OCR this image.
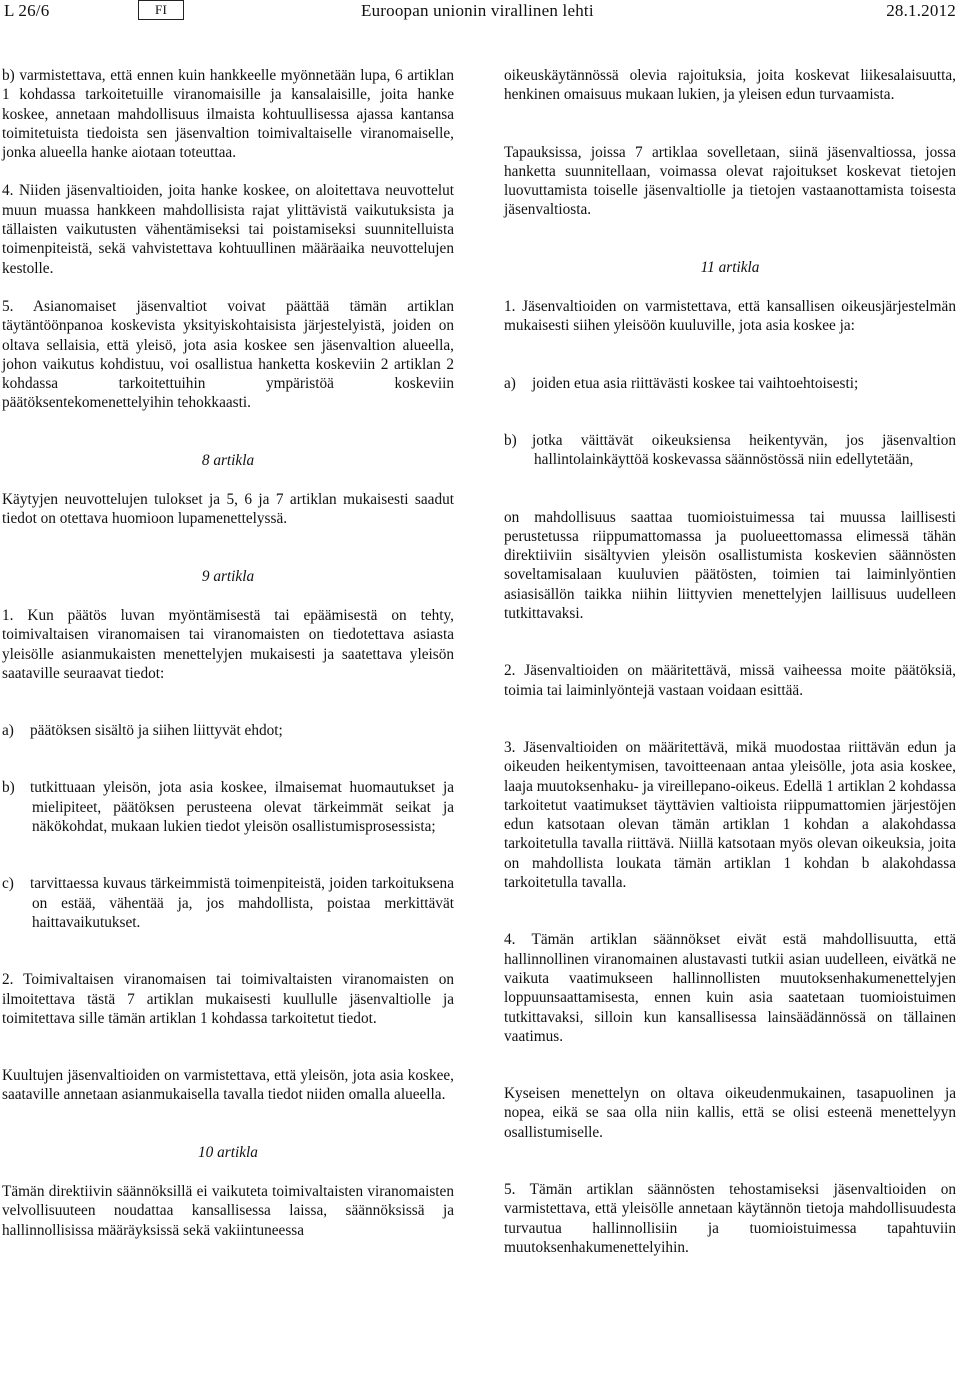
L 26/6	FI	Euroopan unionin virallinen lehti	28.1.2012

b) varmistettava, että ennen kuin hankkeelle myönnetään lupa, 6 artiklan 1 kohdassa tarkoitetuille viranomaisille ja kansalaisille, joita hanke koskee, annetaan mahdollisuus ilmaista kohtuullisessa ajassa kantansa toimitetuista tiedoista sen jäsenvaltion toimivaltaiselle viranomaiselle, jonka alueella hanke aiotaan toteuttaa.

4. Niiden jäsenvaltioiden, joita hanke koskee, on aloitettava neuvottelut muun muassa hankkeen mahdollisista rajat ylittävistä vaikutuksista ja tällaisten vaikutusten vähentämiseksi tai poistamiseksi suunnitelluista toimenpiteistä, sekä vahvistettava kohtuullinen määräaika neuvottelujen kestolle.

5. Asianomaiset jäsenvaltiot voivat päättää tämän artiklan täytäntöönpanoa koskevista yksityiskohtaisista järjestelyistä, joiden on oltava sellaisia, että yleisö, jota asia koskee sen jäsenvaltion alueella, johon vaikutus kohdistuu, voi osallistua hanketta koskeviin 2 artiklan 2 kohdassa tarkoitettuihin ympäristöä koskeviin päätöksentekomenettelyihin tehokkaasti.

8 artikla

Käytyjen neuvottelujen tulokset ja 5, 6 ja 7 artiklan mukaisesti saadut tiedot on otettava huomioon lupamenettelyssä.

9 artikla

1. Kun päätös luvan myöntämisestä tai epäämisestä on tehty, toimivaltaisen viranomaisen tai viranomaisten on tiedotettava asiasta yleisölle asianmukaisten menettelyjen mukaisesti ja saatettava yleisön saataville seuraavat tiedot:

a) päätöksen sisältö ja siihen liittyvät ehdot;

b) tutkittuaan yleisön, jota asia koskee, ilmaisemat huomautukset ja mielipiteet, päätöksen perusteena olevat tärkeimmät seikat ja näkökohdat, mukaan lukien tiedot yleisön osallistumisprosessista;

c) tarvittaessa kuvaus tärkeimmistä toimenpiteistä, joiden tarkoituksena on estää, vähentää ja, jos mahdollista, poistaa merkittävät haittavaikutukset.

2. Toimivaltaisen viranomaisen tai toimivaltaisten viranomaisten on ilmoitettava tästä 7 artiklan mukaisesti kuullulle jäsenvaltiolle ja toimitettava sille tämän artiklan 1 kohdassa tarkoitetut tiedot.

Kuultujen jäsenvaltioiden on varmistettava, että yleisön, jota asia koskee, saataville annetaan asianmukaisella tavalla tiedot niiden omalla alueella.

10 artikla

Tämän direktiivin säännöksillä ei vaikuteta toimivaltaisten viranomaisten velvollisuuteen noudattaa kansallisessa laissa, säännöksissä ja hallinnollisissa määräyksissä sekä vakiintuneessa

oikeuskäytännössä olevia rajoituksia, joita koskevat liikesalaisuutta, henkinen omaisuus mukaan lukien, ja yleisen edun turvaamista.

Tapauksissa, joissa 7 artiklaa sovelletaan, siinä jäsenvaltiossa, jossa hanketta suunnitellaan, voimassa olevat rajoitukset koskevat tietojen luovuttamista toiselle jäsenvaltiolle ja tietojen vastaanottamista toisesta jäsenvaltiosta.

11 artikla

1. Jäsenvaltioiden on varmistettava, että kansallisen oikeusjärjestelmän mukaisesti siihen yleisöön kuuluville, jota asia koskee ja:

a) joiden etua asia riittävästi koskee tai vaihtoehtoisesti;

b) jotka väittävät oikeuksiensa heikentyvän, jos jäsenvaltion hallintolainkäyttöä koskevassa säännöstössä niin edellytetään,

on mahdollisuus saattaa tuomioistuimessa tai muussa laillisesti perustetussa riippumattomassa ja puolueettomassa elimessä tähän direktiiviin sisältyvien yleisön osallistumista koskevien säännösten soveltamisalaan kuuluvien päätösten, toimien tai laiminlyöntien asiasisällön taikka niihin liittyvien menettelyjen laillisuus uudelleen tutkittavaksi.

2. Jäsenvaltioiden on määritettävä, missä vaiheessa moite päätöksiä, toimia tai laiminlyöntejä vastaan voidaan esittää.

3. Jäsenvaltioiden on määritettävä, mikä muodostaa riittävän edun ja oikeuden heikentymisen, tavoitteenaan antaa yleisölle, jota asia koskee, laaja muutoksenhaku- ja vireillepano-oikeus. Edellä 1 artiklan 2 kohdassa tarkoitetut vaatimukset täyttävien valtioista riippumattomien järjestöjen edun katsotaan olevan tämän artiklan 1 kohdan a alakohdassa tarkoitetulla tavalla riittävä. Niillä katsotaan myös olevan oikeuksia, joita on mahdollista loukata tämän artiklan 1 kohdan b alakohdassa tarkoitetulla tavalla.

4. Tämän artiklan säännökset eivät estä mahdollisuutta, että hallinnollinen viranomainen alustavasti tutkii asian uudelleen, eivätkä ne vaikuta vaatimukseen hallinnollisten muutoksenhakumenettelyjen loppuunsaattamisesta, ennen kuin asia saatetaan tuomioistuimen tutkittavaksi, silloin kun kansallisessa lainsäädännössä on tällainen vaatimus.

Kyseisen menettelyn on oltava oikeudenmukainen, tasapuolinen ja nopea, eikä se saa olla niin kallis, että se olisi esteenä menettelyyn osallistumiselle.

5. Tämän artiklan säännösten tehostamiseksi jäsenvaltioiden on varmistettava, että yleisölle annetaan käytännön tietoja mahdollisuudesta turvautua hallinnollisiin ja tuomioistuimessa tapahtuviin muutoksenhakumenettelyihin.
